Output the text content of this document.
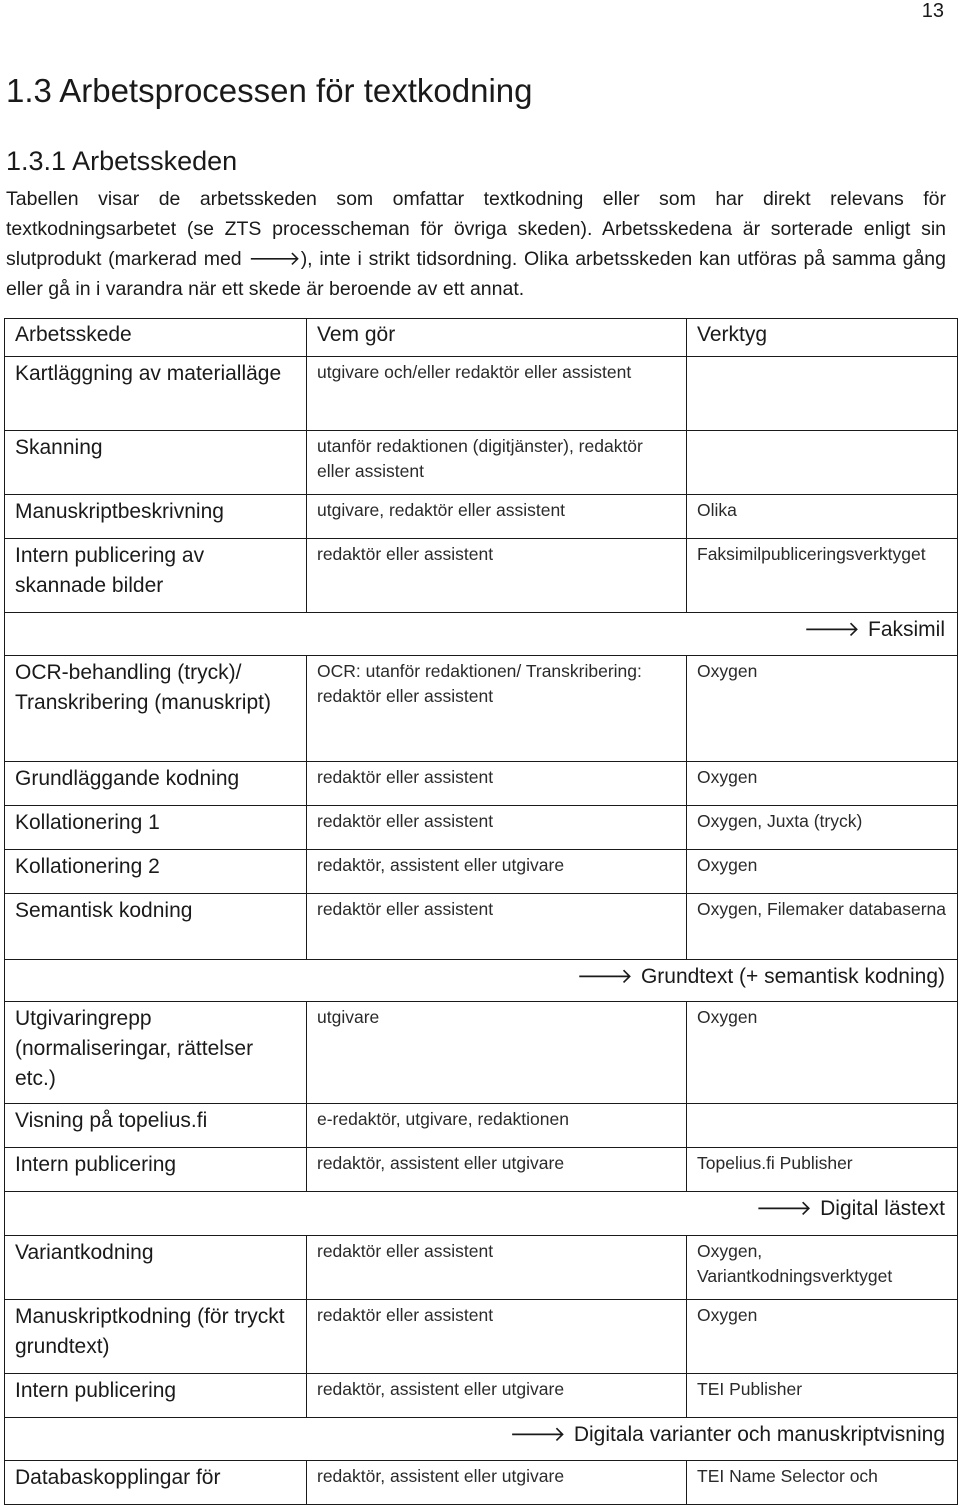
13
1.3 Arbetsprocessen för textkodning
1.3.1 Arbetsskeden

Tabellen visar de arbetsskeden som omfattar textkodning eller som har direkt relevans för textkodningsarbetet (se ZTS processcheman för övriga skeden). Arbetsskedena är sorterade enligt sin slutprodukt (markerad med 🡒), inte i strikt tidsordning. Olika arbetsskeden kan utföras på samma gång eller gå in i varandra när ett skede är beroende av ett annat.

Arbetsskede	Vem gör	Verktyg
Kartläggning av materialläge	utgivare och/eller redaktör eller assistent	
Skanning	utanför redaktionen (digitjänster), redaktör eller assistent	
Manuskriptbeskrivning	utgivare, redaktör eller assistent	Olika
Intern publicering av skannade bilder	redaktör eller assistent	Faksimilpubliceringsverktyget
🡒 Faksimil		
OCR-behandling (tryck)/ Transkribering (manuskript)	OCR: utanför redaktionen/ Transkribering: redaktör eller assistent	Oxygen
Grundläggande kodning	redaktör eller assistent	Oxygen
Kollationering 1	redaktör eller assistent	Oxygen, Juxta (tryck)
Kollationering 2	redaktör, assistent eller utgivare	Oxygen
Semantisk kodning	redaktör eller assistent	Oxygen, Filemaker databaserna
🡒 Grundtext (+ semantisk kodning)		
Utgivaringrepp (normaliseringar, rättelser etc.)	utgivare	Oxygen
Visning på topelius.fi	e-redaktör, utgivare, redaktionen	
Intern publicering	redaktör, assistent eller utgivare	Topelius.fi Publisher
🡒 Digital lästext		
Variantkodning	redaktör eller assistent	Oxygen, Variantkodningsverktyget
Manuskriptkodning (för tryckt grundtext)	redaktör eller assistent	Oxygen
Intern publicering	redaktör, assistent eller utgivare	TEI Publisher
🡒 Digitala varianter och manuskriptvisning		
Databaskopplingar för	redaktör, assistent eller utgivare	TEI Name Selector och
